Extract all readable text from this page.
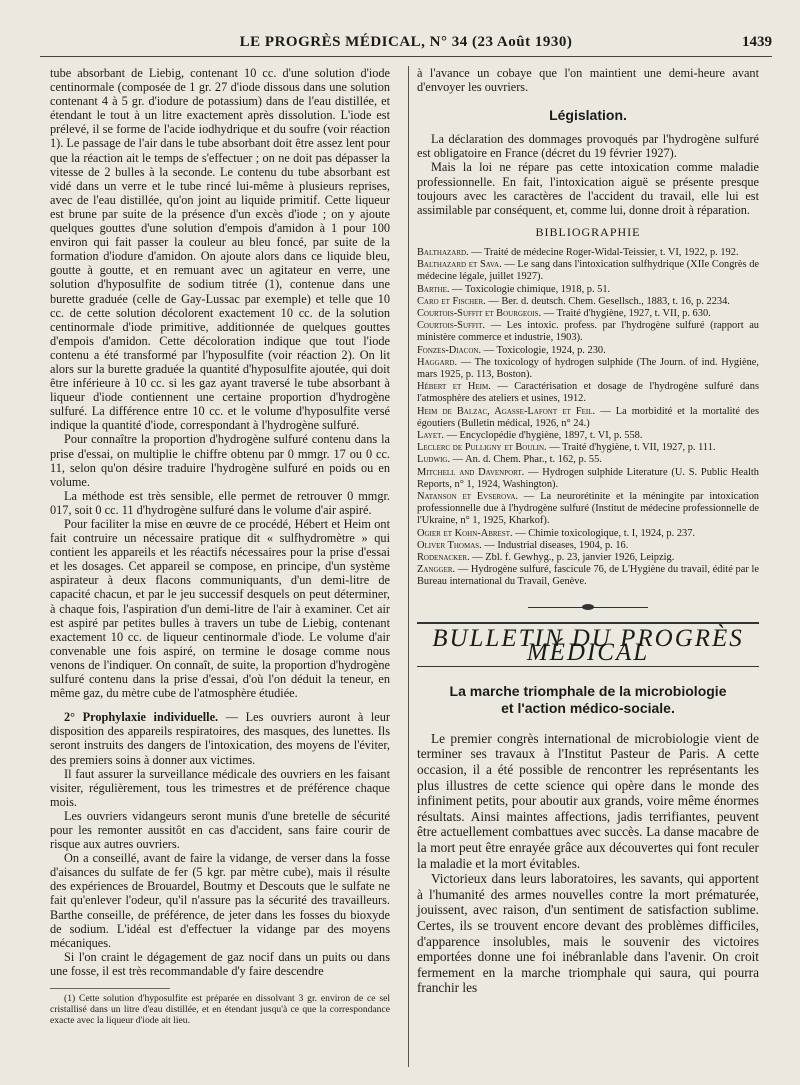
LE PROGRÈS MÉDICAL, N° 34 (23 Août 1930)	1439

tube absorbant de Liebig, contenant 10 cc. d'une solution d'iode centinormale (composée de 1 gr. 27 d'iode dissous dans une solution contenant 4 à 5 gr. d'iodure de potassium) dans de l'eau distillée, et étendant le tout à un litre exactement après dissolution. L'iode est prélevé, il se forme de l'acide iodhydrique et du soufre (voir réaction 1). Le passage de l'air dans le tube absorbant doit être assez lent pour que la réaction ait le temps de s'effectuer ; on ne doit pas dépasser la vitesse de 2 bulles à la seconde. Le contenu du tube absorbant est vidé dans un verre et le tube rincé lui-même à plusieurs reprises, avec de l'eau distillée, qu'on joint au liquide primitif. Cette liqueur est brune par suite de la présence d'un excès d'iode ; on y ajoute quelques gouttes d'une solution d'empois d'amidon à 1 pour 100 environ qui fait passer la couleur au bleu foncé, par suite de la formation d'iodure d'amidon. On ajoute alors dans ce liquide bleu, goutte à goutte, et en remuant avec un agitateur en verre, une solution d'hyposulfite de sodium titrée (1), contenue dans une burette graduée (celle de Gay-Lussac par exemple) et telle que 10 cc. de cette solution décolorent exactement 10 cc. de la solution centinormale d'iode primitive, additionnée de quelques gouttes d'empois d'amidon. Cette décoloration indique que tout l'iode contenu a été transformé par l'hyposulfite (voir réaction 2). On lit alors sur la burette graduée la quantité d'hyposulfite ajoutée, qui doit être inférieure à 10 cc. si les gaz ayant traversé le tube absorbant à liqueur d'iode contiennent une certaine proportion d'hydrogène sulfuré. La différence entre 10 cc. et le volume d'hyposulfite versé indique la quantité d'iode, correspondant à l'hydrogène sulfuré.

Pour connaître la proportion d'hydrogène sulfuré contenu dans la prise d'essai, on multiplie le chiffre obtenu par 0 mmgr. 17 ou 0 cc. 11, selon qu'on désire traduire l'hydrogène sulfuré en poids ou en volume.

La méthode est très sensible, elle permet de retrouver 0 mmgr. 017, soit 0 cc. 11 d'hydrogène sulfuré dans le volume d'air aspiré.

Pour faciliter la mise en œuvre de ce procédé, Hébert et Heim ont fait contruire un nécessaire pratique dit « sulfhydromètre » qui contient les appareils et les réactifs nécessaires pour la prise d'essai et les dosages. Cet appareil se compose, en principe, d'un système aspirateur à deux flacons communiquants, d'un demi-litre de capacité chacun, et par le jeu successif desquels on peut déterminer, à chaque fois, l'aspiration d'un demi-litre de l'air à examiner. Cet air est aspiré par petites bulles à travers un tube de Liebig, contenant exactement 10 cc. de liqueur centinormale d'iode. Le volume d'air convenable une fois aspiré, on termine le dosage comme nous venons de l'indiquer. On connaît, de suite, la proportion d'hydrogène sulfuré contenu dans la prise d'essai, d'où l'on déduit la teneur, en même gaz, du mètre cube de l'atmosphère étudiée.

2° Prophylaxie individuelle. — Les ouvriers auront à leur disposition des appareils respiratoires, des masques, des lunettes. Ils seront instruits des dangers de l'intoxication, des moyens de l'éviter, des premiers soins à donner aux victimes.

Il faut assurer la surveillance médicale des ouvriers en les faisant visiter, régulièrement, tous les trimestres et de préférence chaque mois.

Les ouvriers vidangeurs seront munis d'une bretelle de sécurité pour les remonter aussitôt en cas d'accident, sans faire courir de risque aux autres ouvriers.

On a conseillé, avant de faire la vidange, de verser dans la fosse d'aisances du sulfate de fer (5 kgr. par mètre cube), mais il résulte des expériences de Brouardel, Boutmy et Descouts que le sulfate ne fait qu'enlever l'odeur, qu'il n'assure pas la sécurité des travailleurs. Barthe conseille, de préférence, de jeter dans les fosses du bioxyde de sodium. L'idéal est d'effectuer la vidange par des moyens mécaniques.

Si l'on craint le dégagement de gaz nocif dans un puits ou dans une fosse, il est très recommandable d'y faire descendre

(1) Cette solution d'hyposulfite est préparée en dissolvant 3 gr. environ de ce sel cristallisé dans un litre d'eau distillée, et en étendant jusqu'à ce que la correspondance exacte avec la liqueur d'iode ait lieu.

à l'avance un cobaye que l'on maintient une demi-heure avant d'envoyer les ouvriers.

Législation.

La déclaration des dommages provoqués par l'hydrogène sulfuré est obligatoire en France (décret du 19 février 1927).

Mais la loi ne répare pas cette intoxication comme maladie professionnelle. En fait, l'intoxication aiguë se présente presque toujours avec les caractères de l'accident du travail, elle lui est assimilable par conséquent, et, comme lui, donne droit à réparation.

BIBLIOGRAPHIE

Balthazard. — Traité de médecine Roger-Widal-Teissier, t. VI, 1922, p. 192.

Balthazard et Sava. — Le sang dans l'intoxication sulfhydrique (XIIe Congrès de médecine légale, juillet 1927).

Barthe. — Toxicologie chimique, 1918, p. 51.

Caro et Fischer. — Ber. d. deutsch. Chem. Gesellsch., 1883, t. 16, p. 2234.

Courtois-Suffit et Bourgeois. — Traité d'hygiène, 1927, t. VII, p. 630.

Courtois-Suffit. — Les intoxic. profess. par l'hydrogène sulfuré (rapport au ministère commerce et industrie, 1903).

Fonzes-Diacon. — Toxicologie, 1924, p. 230.

Haggard. — The toxicology of hydrogen sulphide (The Journ. of ind. Hygiène, mars 1925, p. 113, Boston).

Hébert et Heim. — Caractérisation et dosage de l'hydrogène sulfuré dans l'atmosphère des ateliers et usines, 1912.

Heim de Balzac, Agasse-Lafont et Feil. — La morbidité et la mortalité des égoutiers (Bulletin médical, 1926, n° 24.)

Layet. — Encyclopédie d'hygiène, 1897, t. VI, p. 558.

Leclerc de Pulligny et Boulin. — Traité d'hygiène, t. VII, 1927, p. 111.

Ludwig. — An. d. Chem. Phar., t. 162, p. 55.

Mitchell and Davenport. — Hydrogen sulphide Literature (U. S. Public Health Reports, n° 1, 1924, Washington).

Natanson et Evserova. — La neurorétinite et la méningite par intoxication professionnelle due à l'hydrogène sulfuré (Institut de médecine professionnelle de l'Ukraine, n° 1, 1925, Kharkof).

Ogier et Kohn-Abrest. — Chimie toxicologique, t. I, 1924, p. 237.

Oliver Thomas. — Industrial diseases, 1904, p. 16.

Rodenacker. — Zbl. f. Gewhyg., p. 23, janvier 1926, Leipzig.

Zangger. — Hydrogène sulfuré, fascicule 76, de L'Hygiène du travail, édité par le Bureau international du Travail, Genève.

BULLETIN DU PROGRÈS MÉDICAL
La marche triomphale de la microbiologie
et l'action médico-sociale.

Le premier congrès international de microbiologie vient de terminer ses travaux à l'Institut Pasteur de Paris. A cette occasion, il a été possible de rencontrer les représentants les plus illustres de cette science qui opère dans le monde des infiniment petits, pour aboutir aux grands, voire même énormes résultats. Ainsi maintes affections, jadis terrifiantes, peuvent être actuellement combattues avec succès. La danse macabre de la mort peut être enrayée grâce aux découvertes qui font reculer la maladie et la mort évitables.

Victorieux dans leurs laboratoires, les savants, qui apportent à l'humanité des armes nouvelles contre la mort prématurée, jouissent, avec raison, d'un sentiment de satisfaction sublime. Certes, ils se trouvent encore devant des problèmes difficiles, d'apparence insolubles, mais le souvenir des victoires emportées donne une foi inébranlable dans l'avenir. On croit fermement en la marche triomphale qui saura, qui pourra franchir les
